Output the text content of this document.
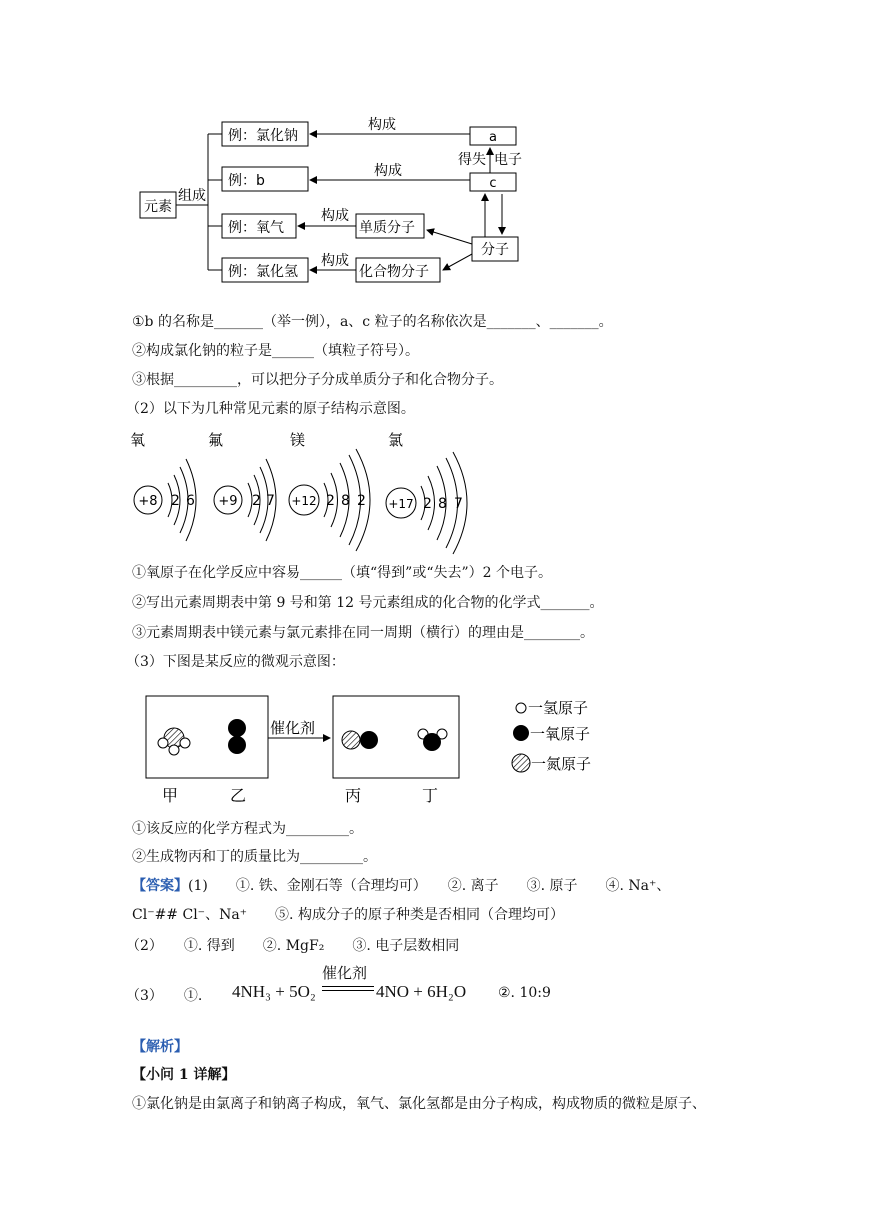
元素
组成
例：氯化钠
例：b
例：氧气
例：氯化氢
a
c
构成
构成
得失 电子
分子
单质分子
化合物分子
构成
构成
①b 的名称是_______（举一例），a、c 粒子的名称依次是_______、_______。
②构成氯化钠的粒子是______（填粒子符号）。
③根据_________，可以把分子分成单质分子和化合物分子。
（2）以下为几种常见元素的原子结构示意图。
氧
+8 2 6
氟
+9 2 7
镁
+12 2 8 2
氯
+17 2 8 7
①氧原子在化学反应中容易______（填“得到”或“失去”）2 个电子。
②写出元素周期表中第 9 号和第 12 号元素组成的化合物的化学式_______。
③元素周期表中镁元素与氯元素排在同一周期（横行）的理由是________。
（3）下图是某反应的微观示意图：
催化剂
甲	乙	丙	丁
一氢原子
一氧原子
一氮原子
①该反应的化学方程式为_________。
②生成物丙和丁的质量比为_________。
【答案】(1)　　①. 铁、金刚石等（合理均可）　　②. 离子　　③. 原子　　④. Na⁺、
Cl⁻## Cl⁻、Na⁺　　⑤. 构成分子的原子种类是否相同（合理均可）
（2）　　①. 得到　　②. MgF₂　　③. 电子层数相同
（3）　　①. 4NH₃ + 5O₂
催化剂
4NO + 6H₂O ②. 10:9
【解析】
【小问 1 详解】
①氯化钠是由氯离子和钠离子构成，氧气、氯化氢都是由分子构成，构成物质的微粒是原子、
